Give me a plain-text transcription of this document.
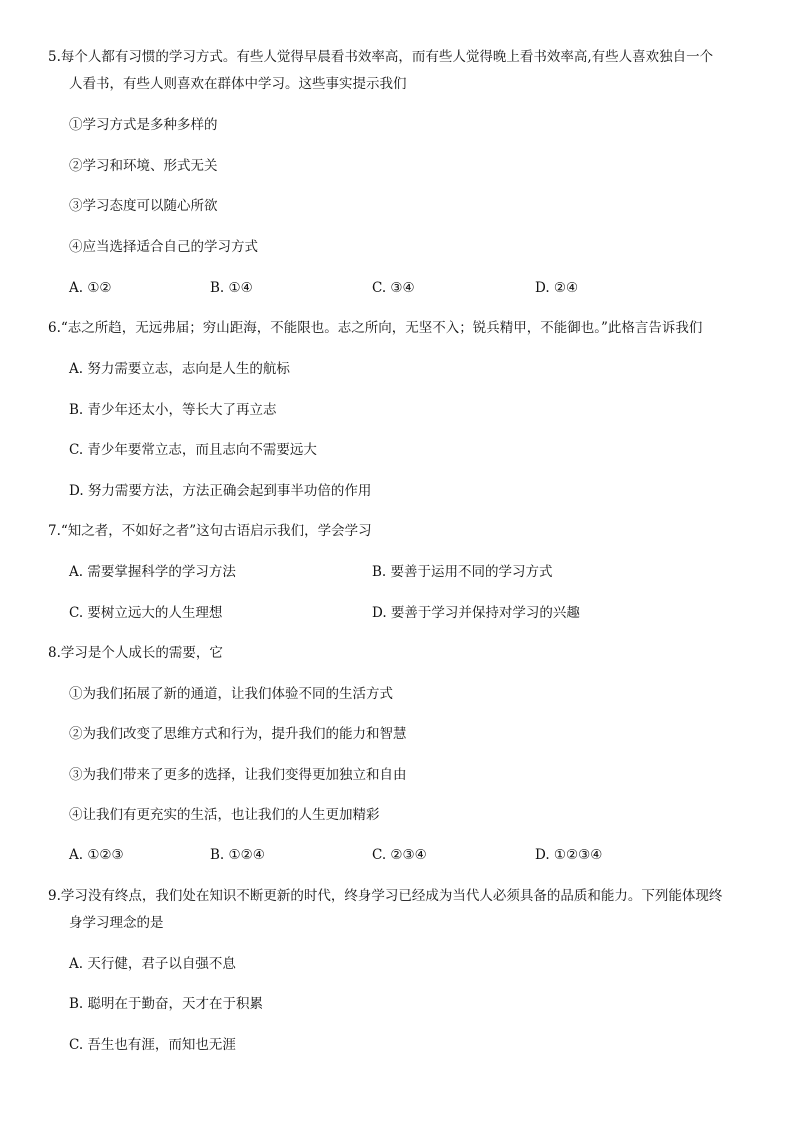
5.每个人都有习惯的学习方式。有些人觉得早晨看书效率高，而有些人觉得晚上看书效率高,有些人喜欢独自一个
人看书，有些人则喜欢在群体中学习。这些事实提示我们
①学习方式是多种多样的
②学习和环境、形式无关
③学习态度可以随心所欲
④应当选择适合自己的学习方式
A. ①②	B. ①④	C. ③④	D. ②④
6.“志之所趋，无远弗届；穷山距海，不能限也。志之所向，无坚不入；锐兵精甲，不能御也。”此格言告诉我们
A. 努力需要立志，志向是人生的航标
B. 青少年还太小，等长大了再立志
C. 青少年要常立志，而且志向不需要远大
D. 努力需要方法，方法正确会起到事半功倍的作用
7.“知之者，不如好之者”这句古语启示我们，学会学习
A. 需要掌握科学的学习方法	B. 要善于运用不同的学习方式
C. 要树立远大的人生理想	D. 要善于学习并保持对学习的兴趣
8.学习是个人成长的需要，它
①为我们拓展了新的通道，让我们体验不同的生活方式
②为我们改变了思维方式和行为，提升我们的能力和智慧
③为我们带来了更多的选择，让我们变得更加独立和自由
④让我们有更充实的生活，也让我们的人生更加精彩
A. ①②③	B. ①②④	C. ②③④	D. ①②③④
9.学习没有终点，我们处在知识不断更新的时代，终身学习已经成为当代人必须具备的品质和能力。下列能体现终
身学习理念的是
A. 天行健，君子以自强不息
B. 聪明在于勤奋，天才在于积累
C. 吾生也有涯，而知也无涯
